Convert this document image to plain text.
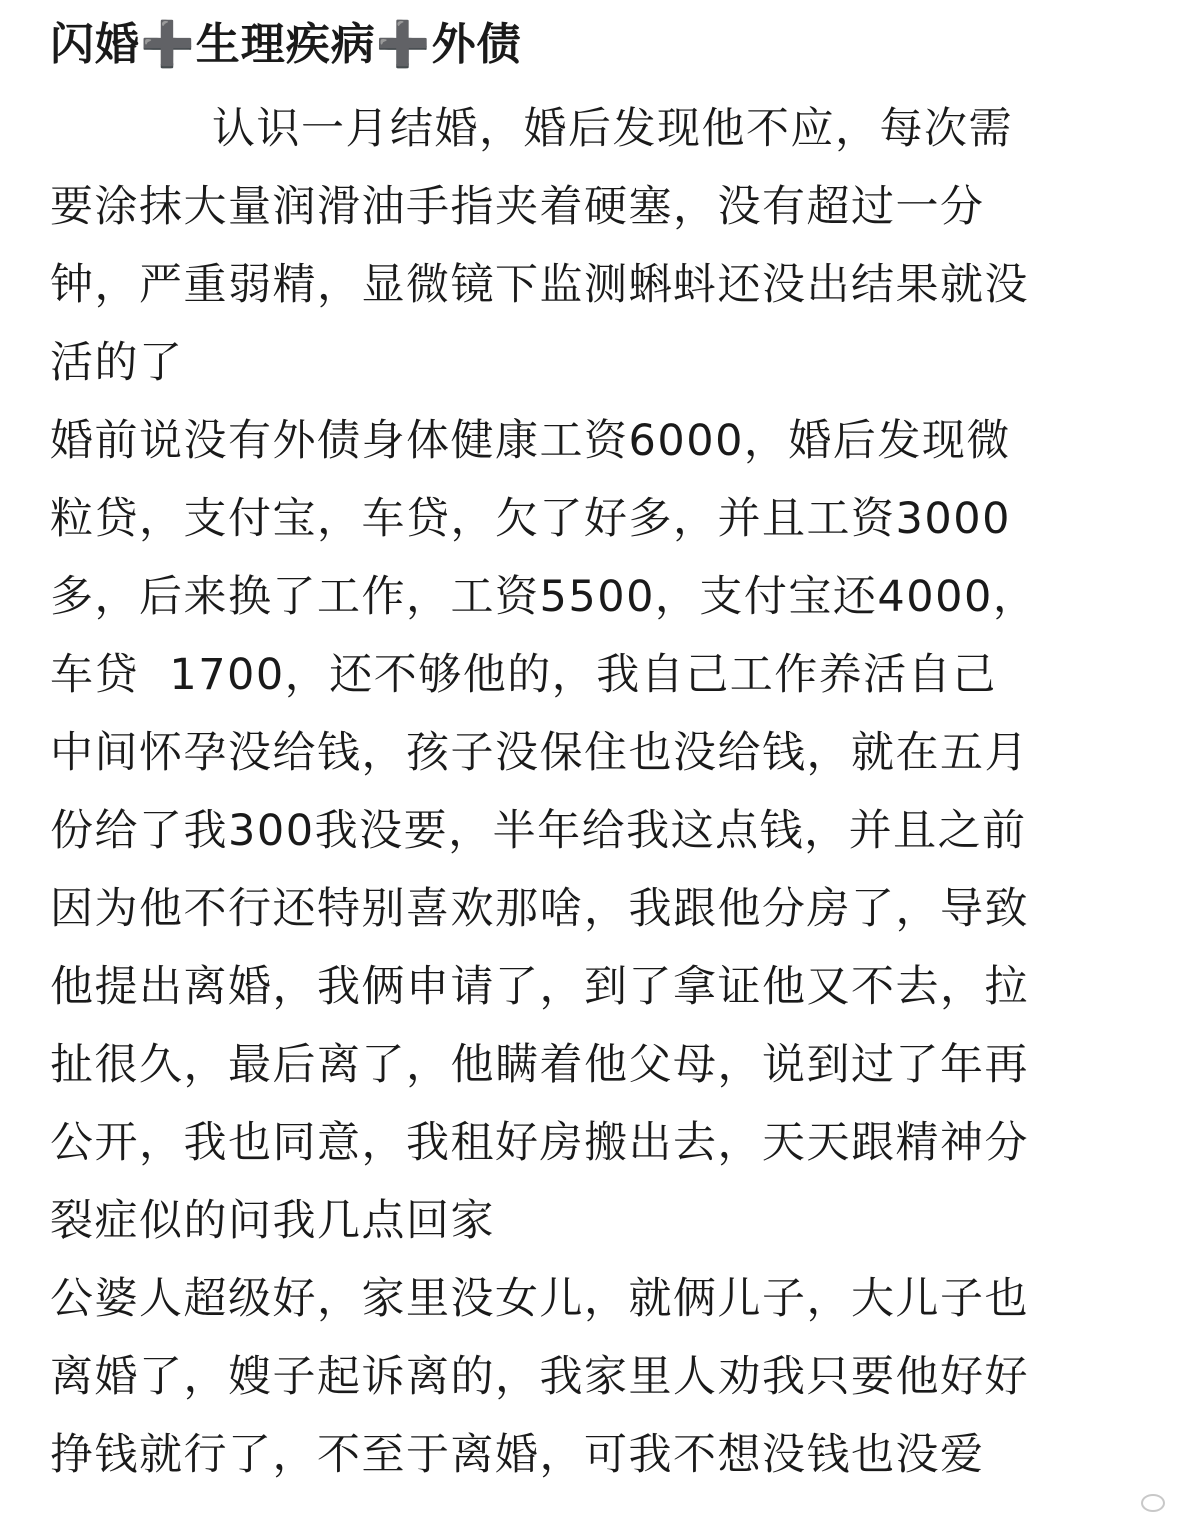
闪婚➕生理疾病➕外债
认识一月结婚，婚后发现他不应，每次需
要涂抹大量润滑油手指夹着硬塞，没有超过一分
钟，严重弱精，显微镜下监测蝌蚪还没出结果就没
活的了
婚前说没有外债身体健康工资6000，婚后发现微
粒贷，支付宝，车贷，欠了好多，并且工资3000
多，后来换了工作，工资5500，支付宝还4000，
车贷  1700，还不够他的，我自己工作养活自己
中间怀孕没给钱，孩子没保住也没给钱，就在五月
份给了我300我没要，半年给我这点钱，并且之前
因为他不行还特别喜欢那啥，我跟他分房了，导致
他提出离婚，我俩申请了，到了拿证他又不去，拉
扯很久，最后离了，他瞒着他父母，说到过了年再
公开，我也同意，我租好房搬出去，天天跟精神分
裂症似的问我几点回家
公婆人超级好，家里没女儿，就俩儿子，大儿子也
离婚了，嫂子起诉离的，我家里人劝我只要他好好
挣钱就行了，不至于离婚，可我不想没钱也没爱
